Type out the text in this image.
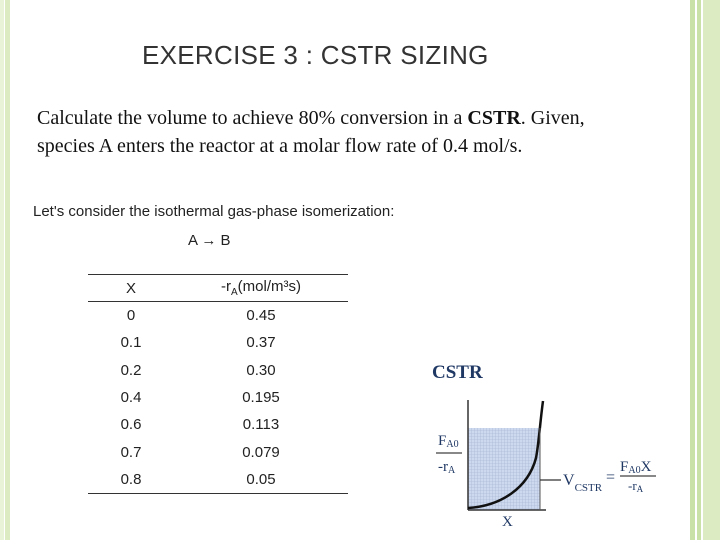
EXERCISE 3 : CSTR SIZING
Calculate the volume to achieve 80% conversion in a CSTR. Given,
species A enters the reactor at a molar flow rate of 0.4 mol/s.
Let's consider the isothermal gas-phase isomerization:
A → B
X	$-r_A(mol/m^3s)$
0	0.45
0.1	0.37
0.2	0.30
0.4	0.195
0.6	0.113
0.7	0.079
0.8	0.05
CSTR
FA0
-rA
$V_{CSTR}$
=
FA0X
-rA
X
